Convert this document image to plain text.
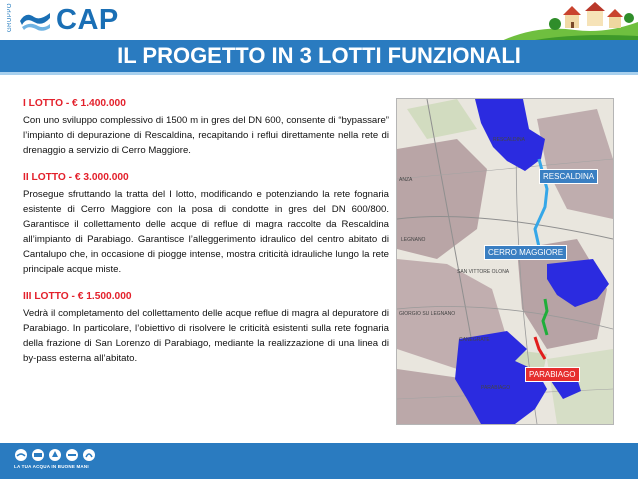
GRUPPO CAP
IL PROGETTO IN 3 LOTTI FUNZIONALI

I LOTTO - € 1.400.000

Con uno sviluppo complessivo di 1500 m in gres del DN 600, consente di “bypassare” l’impianto di depurazione di Rescaldina, recapitando i reflui direttamente nella rete di drenaggio a servizio di Cerro Maggiore.

II LOTTO - € 3.000.000

Prosegue sfruttando la tratta del I lotto, modificando e potenziando la rete fognaria esistente di Cerro Maggiore con la posa di condotte in gres del DN 600/800. Garantisce il collettamento delle acque di reflue di magra raccolte da Rescaldina all’impianto di Parabiago. Garantisce l’alleggerimento idraulico del centro abitato di Cantalupo che, in occasione di piogge intense, mostra criticità idrauliche lungo la rete principale acque miste.

III LOTTO - € 1.500.000

Vedrà il completamento del collettamento delle acque reflue di magra al depuratore di Parabiago. In particolare, l’obiettivo di risolvere le criticità esistenti sulla rete fognaria della frazione di San Lorenzo di Parabiago, mediante la realizzazione di una linea di by-pass esterna all’abitato.

ANZA
RESCALDINA
LEGNANO
SAN VITTORE OLONA
GIORGIO SU LEGNANO
CANEGRATE
PARABIAGO
RESCALDINA
CERRO MAGGIORE
PARABIAGO
LA TUA ACQUA IN BUONE MANI
